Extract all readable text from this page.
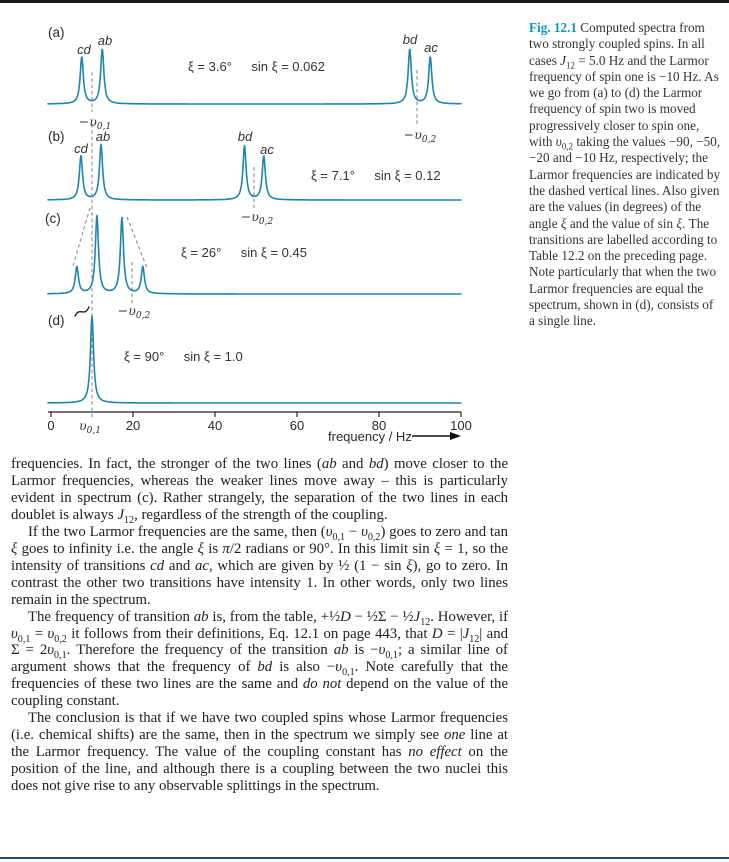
(a)
cd
ab	bd
ac
ξ = 3.6°  sin ξ = 0.062
$-\upsilon_{0,1}$	$-\upsilon_{0,2}$
(b)
cd
ab	bd
ac
ξ = 7.1°  sin ξ = 0.12
$-\upsilon_{0,2}$
(c)
ξ = 26°  sin ξ = 0.45
$-\upsilon_{0,2}$
(d)
ξ = 90°  sin ξ = 1.0
0	20	40	60	80	100
$\upsilon_{0,1}$	frequency / Hz
Fig. 12.1 Computed spectra from two strongly coupled spins. In all cases $J_{12} = 5.0$ Hz and the Larmor frequency of spin one is −10 Hz. As we go from (a) to (d) the Larmor frequency of spin two is moved progressively closer to spin one, with $\upsilon_{0,2}$ taking the values −90, −50, −20 and −10 Hz, respectively; the Larmor frequencies are indicated by the dashed vertical lines. Also given are the values (in degrees) of the angle ξ and the value of sin ξ. The transitions are labelled according to Table 12.2 on the preceding page. Note particularly that when the two Larmor frequencies are equal the spectrum, shown in (d), consists of a single line.

frequencies. In fact, the stronger of the two lines (ab and bd) move closer to the Larmor frequencies, whereas the weaker lines move away – this is particularly evident in spectrum (c). Rather strangely, the separation of the two lines in each doublet is always $J_{12}$, regardless of the strength of the coupling.

If the two Larmor frequencies are the same, then $(\upsilon_{0,1} - \upsilon_{0,2})$ goes to zero and tan ξ goes to infinity i.e. the angle ξ is π/2 radians or 90°. In this limit sin ξ = 1, so the intensity of transitions cd and ac, which are given by ½ (1 − sin ξ), go to zero. In contrast the other two transitions have intensity 1. In other words, only two lines remain in the spectrum.

The frequency of transition ab is, from the table, +½D − ½Σ − $\frac{1}{2}J_{12}$. However, if $\upsilon_{0,1} = \upsilon_{0,2}$ it follows from their definitions, Eq. 12.1 on page 443, that $D = |J_{12}|$ and $\Sigma = 2\upsilon_{0,1}$. Therefore the frequency of the transition ab is $-\upsilon_{0,1}$; a similar line of argument shows that the frequency of bd is also $-\upsilon_{0,1}$. Note carefully that the frequencies of these two lines are the same and do not depend on the value of the coupling constant.

The conclusion is that if we have two coupled spins whose Larmor frequencies (i.e. chemical shifts) are the same, then in the spectrum we simply see one line at the Larmor frequency. The value of the coupling constant has no effect on the position of the line, and although there is a coupling between the two nuclei this does not give rise to any observable splittings in the spectrum.
